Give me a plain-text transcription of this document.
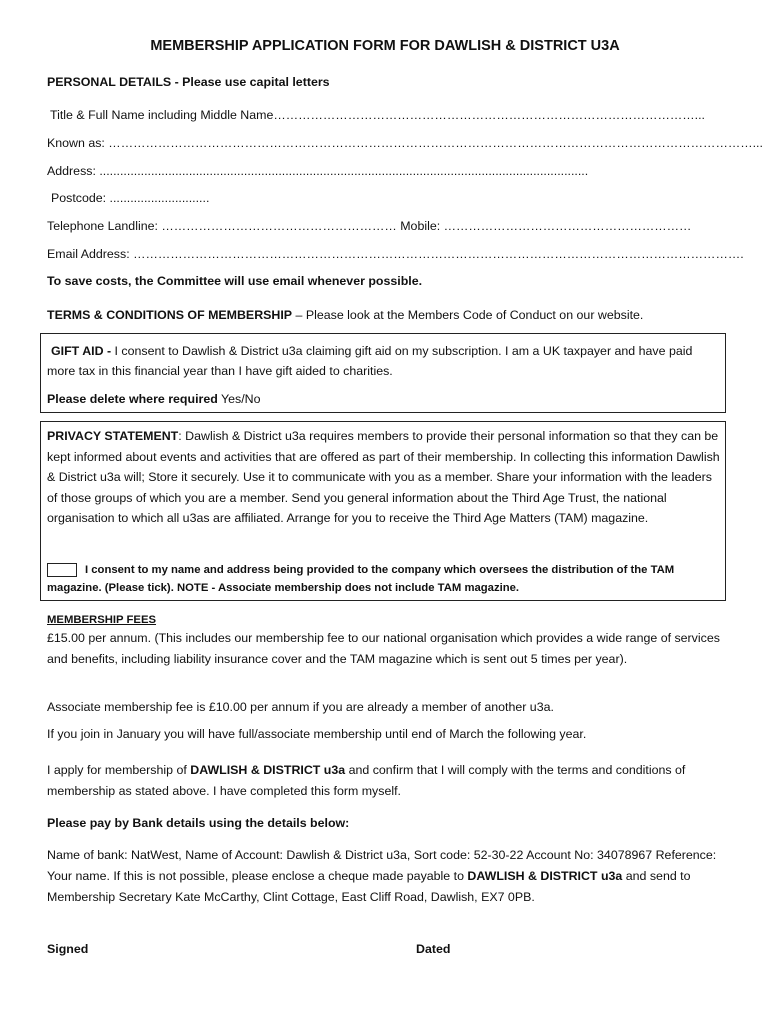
MEMBERSHIP APPLICATION FORM FOR DAWLISH & DISTRICT U3A
PERSONAL DETAILS - Please use capital letters
Title & Full Name including Middle Name…………………………………………………………………………………………...
Known as: …………………………………………………………………………………………………………………………………………...
Address: ..............................................................................................................................................
Postcode: .............................
Telephone Landline: ………………………………………………… Mobile: ……………………………………………………
Email Address: ………………………………………………………………………………………………………………………………….
To save costs, the Committee will use email whenever possible.
TERMS & CONDITIONS OF MEMBERSHIP – Please look at the Members Code of Conduct on our website.
GIFT AID - I consent to Dawlish & District u3a claiming gift aid on my subscription. I am a UK taxpayer and have paid more tax in this financial year than I have gift aided to charities.
Please delete where required Yes/No
PRIVACY STATEMENT: Dawlish & District u3a requires members to provide their personal information so that they can be kept informed about events and activities that are offered as part of their membership. In collecting this information Dawlish & District u3a will; Store it securely. Use it to communicate with you as a member. Share your information with the leaders of those groups of which you are a member. Send you general information about the Third Age Trust, the national organisation to which all u3as are affiliated. Arrange for you to receive the Third Age Matters (TAM) magazine.
I consent to my name and address being provided to the company which oversees the distribution of the TAM magazine. (Please tick). NOTE - Associate membership does not include TAM magazine.
MEMBERSHIP FEES
£15.00 per annum. (This includes our membership fee to our national organisation which provides a wide range of services and benefits, including liability insurance cover and the TAM magazine which is sent out 5 times per year).
Associate membership fee is £10.00 per annum if you are already a member of another u3a.
If you join in January you will have full/associate membership until end of March the following year.
I apply for membership of DAWLISH & DISTRICT u3a and confirm that I will comply with the terms and conditions of membership as stated above. I have completed this form myself.
Please pay by Bank details using the details below:
Name of bank: NatWest, Name of Account: Dawlish & District u3a, Sort code: 52-30-22 Account No: 34078967 Reference: Your name. If this is not possible, please enclose a cheque made payable to DAWLISH & DISTRICT u3a and send to Membership Secretary Kate McCarthy, Clint Cottage, East Cliff Road, Dawlish, EX7 0PB.
Signed	Dated
